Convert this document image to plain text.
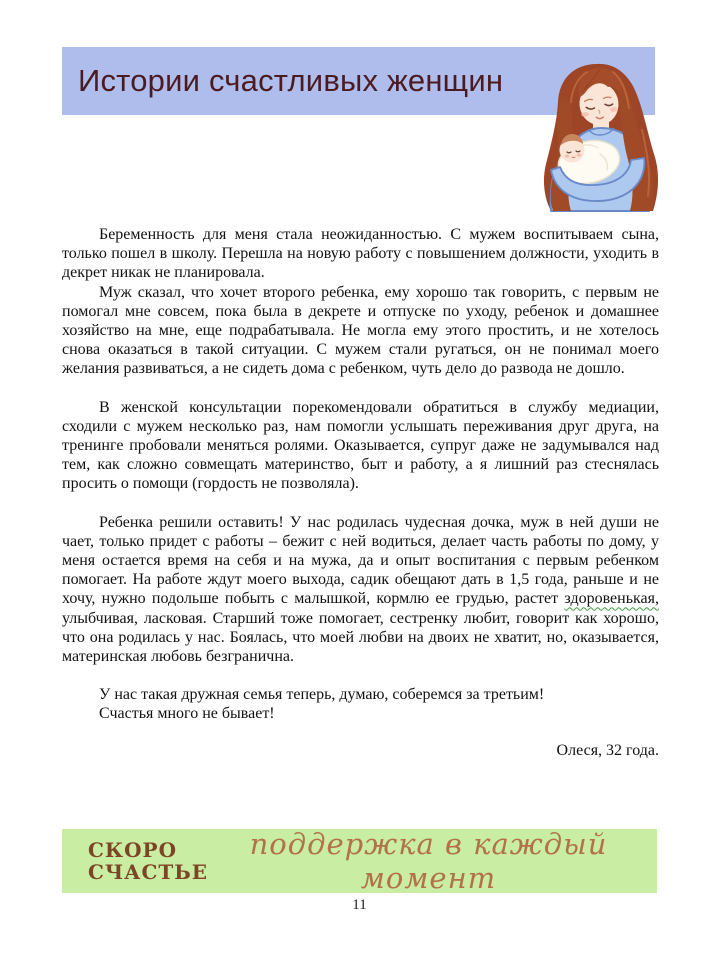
Истории счастливых женщин

Беременность для меня стала неожиданностью. С мужем воспитываем сына, только пошел в школу. Перешла на новую работу с повышением должности, уходить в декрет никак не планировала.

Муж сказал, что хочет второго ребенка, ему хорошо так говорить, с первым не помогал мне совсем, пока была в декрете и отпуске по уходу, ребенок и домашнее хозяйство на мне, еще подрабатывала. Не могла ему этого простить, и не хотелось снова оказаться в такой ситуации. С мужем стали ругаться, он не понимал моего желания развиваться, а не сидеть дома с ребенком, чуть дело до развода не дошло.

В женской консультации порекомендовали обратиться в службу медиации, сходили с мужем несколько раз, нам помогли услышать переживания друг друга, на тренинге пробовали меняться ролями. Оказывается, супруг даже не задумывался над тем, как сложно совмещать материнство, быт и работу, а я лишний раз стеснялась просить о помощи (гордость не позволяла).

Ребенка решили оставить! У нас родилась чудесная дочка, муж в ней души не чает, только придет с работы – бежит с ней водиться, делает часть работы по дому, у меня остается время на себя и на мужа, да и опыт воспитания с первым ребенком помогает. На работе ждут моего выхода, садик обещают дать в 1,5 года, раньше и не хочу, нужно подольше побыть с малышкой, кормлю ее грудью, растет здоровенькая, улыбчивая, ласковая. Старший тоже помогает, сестренку любит, говорит как хорошо, что она родилась у нас. Боялась, что моей любви на двоих не хватит, но, оказывается, материнская любовь безгранична.

У нас такая дружная семья теперь, думаю, соберемся за третьим!

Счастья много не бывает!

Олеся, 32 года.

СКОРО
СЧАСТЬЕ
поддержка в каждый момент
11
